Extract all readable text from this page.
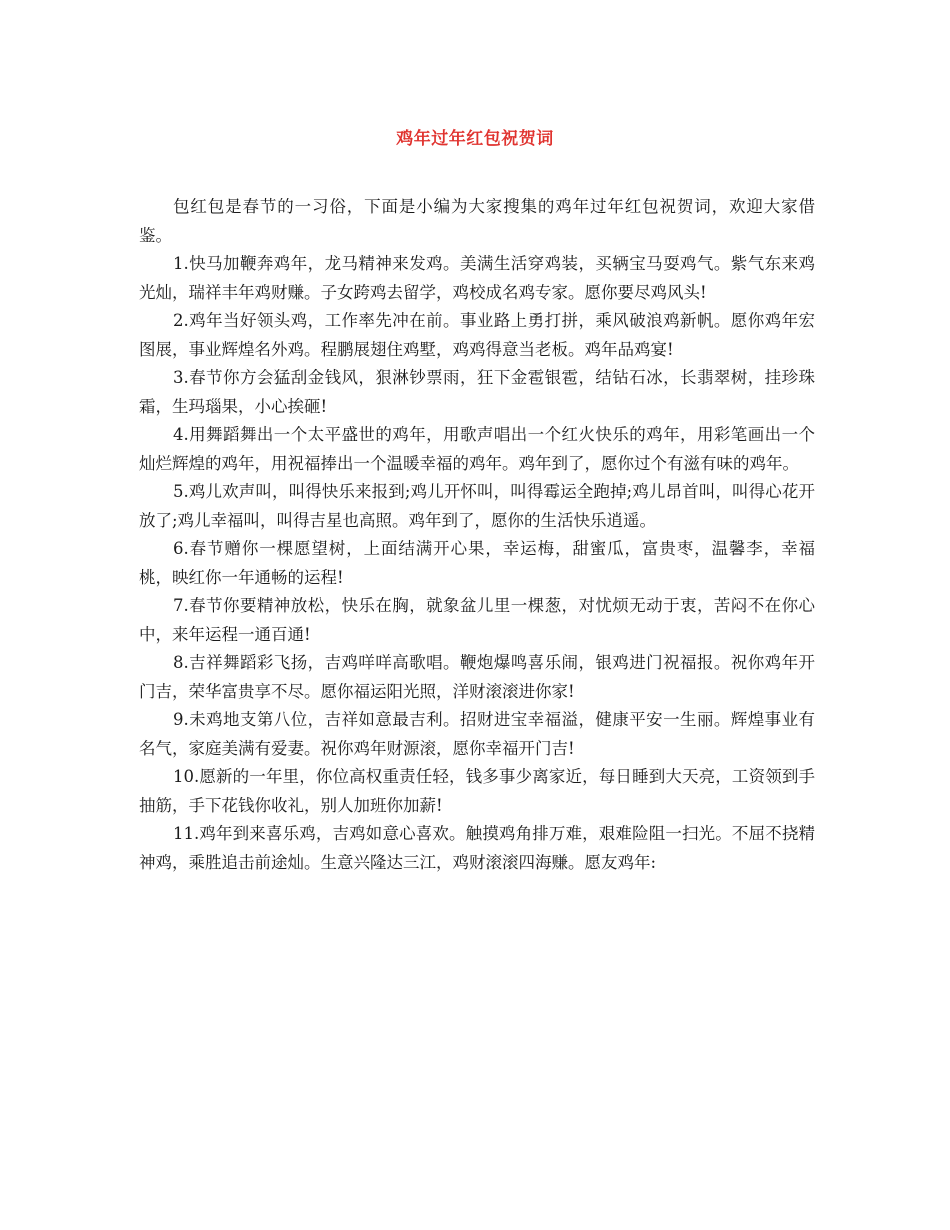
鸡年过年红包祝贺词

包红包是春节的一习俗，下面是小编为大家搜集的鸡年过年红包祝贺词，欢迎大家借鉴。

1.快马加鞭奔鸡年，龙马精神来发鸡。美满生活穿鸡装，买辆宝马耍鸡气。紫气东来鸡光灿，瑞祥丰年鸡财赚。子女跨鸡去留学，鸡校成名鸡专家。愿你要尽鸡风头!

2.鸡年当好领头鸡，工作率先冲在前。事业路上勇打拼，乘风破浪鸡新帆。愿你鸡年宏图展，事业辉煌名外鸡。程鹏展翅住鸡墅，鸡鸡得意当老板。鸡年品鸡宴!

3.春节你方会猛刮金钱风，狠淋钞票雨，狂下金雹银雹，结钻石冰，长翡翠树，挂珍珠霜，生玛瑙果，小心挨砸!

4.用舞蹈舞出一个太平盛世的鸡年，用歌声唱出一个红火快乐的鸡年，用彩笔画出一个灿烂辉煌的鸡年，用祝福捧出一个温暖幸福的鸡年。鸡年到了，愿你过个有滋有味的鸡年。

5.鸡儿欢声叫，叫得快乐来报到;鸡儿开怀叫，叫得霉运全跑掉;鸡儿昂首叫，叫得心花开放了;鸡儿幸福叫，叫得吉星也高照。鸡年到了，愿你的生活快乐逍遥。

6.春节赠你一棵愿望树，上面结满开心果，幸运梅，甜蜜瓜，富贵枣，温馨李，幸福桃，映红你一年通畅的运程!

7.春节你要精神放松，快乐在胸，就象盆儿里一棵葱，对忧烦无动于衷，苦闷不在你心中，来年运程一通百通!

8.吉祥舞蹈彩飞扬，吉鸡咩咩高歌唱。鞭炮爆鸣喜乐闹，银鸡进门祝福报。祝你鸡年开门吉，荣华富贵享不尽。愿你福运阳光照，洋财滚滚进你家!

9.未鸡地支第八位，吉祥如意最吉利。招财进宝幸福溢，健康平安一生丽。辉煌事业有名气，家庭美满有爱妻。祝你鸡年财源滚，愿你幸福开门吉!

10.愿新的一年里，你位高权重责任轻，钱多事少离家近，每日睡到大天亮，工资领到手抽筋，手下花钱你收礼，别人加班你加薪!

11.鸡年到来喜乐鸡，吉鸡如意心喜欢。触摸鸡角排万难，艰难险阻一扫光。不屈不挠精神鸡，乘胜追击前途灿。生意兴隆达三江，鸡财滚滚四海赚。愿友鸡年:
